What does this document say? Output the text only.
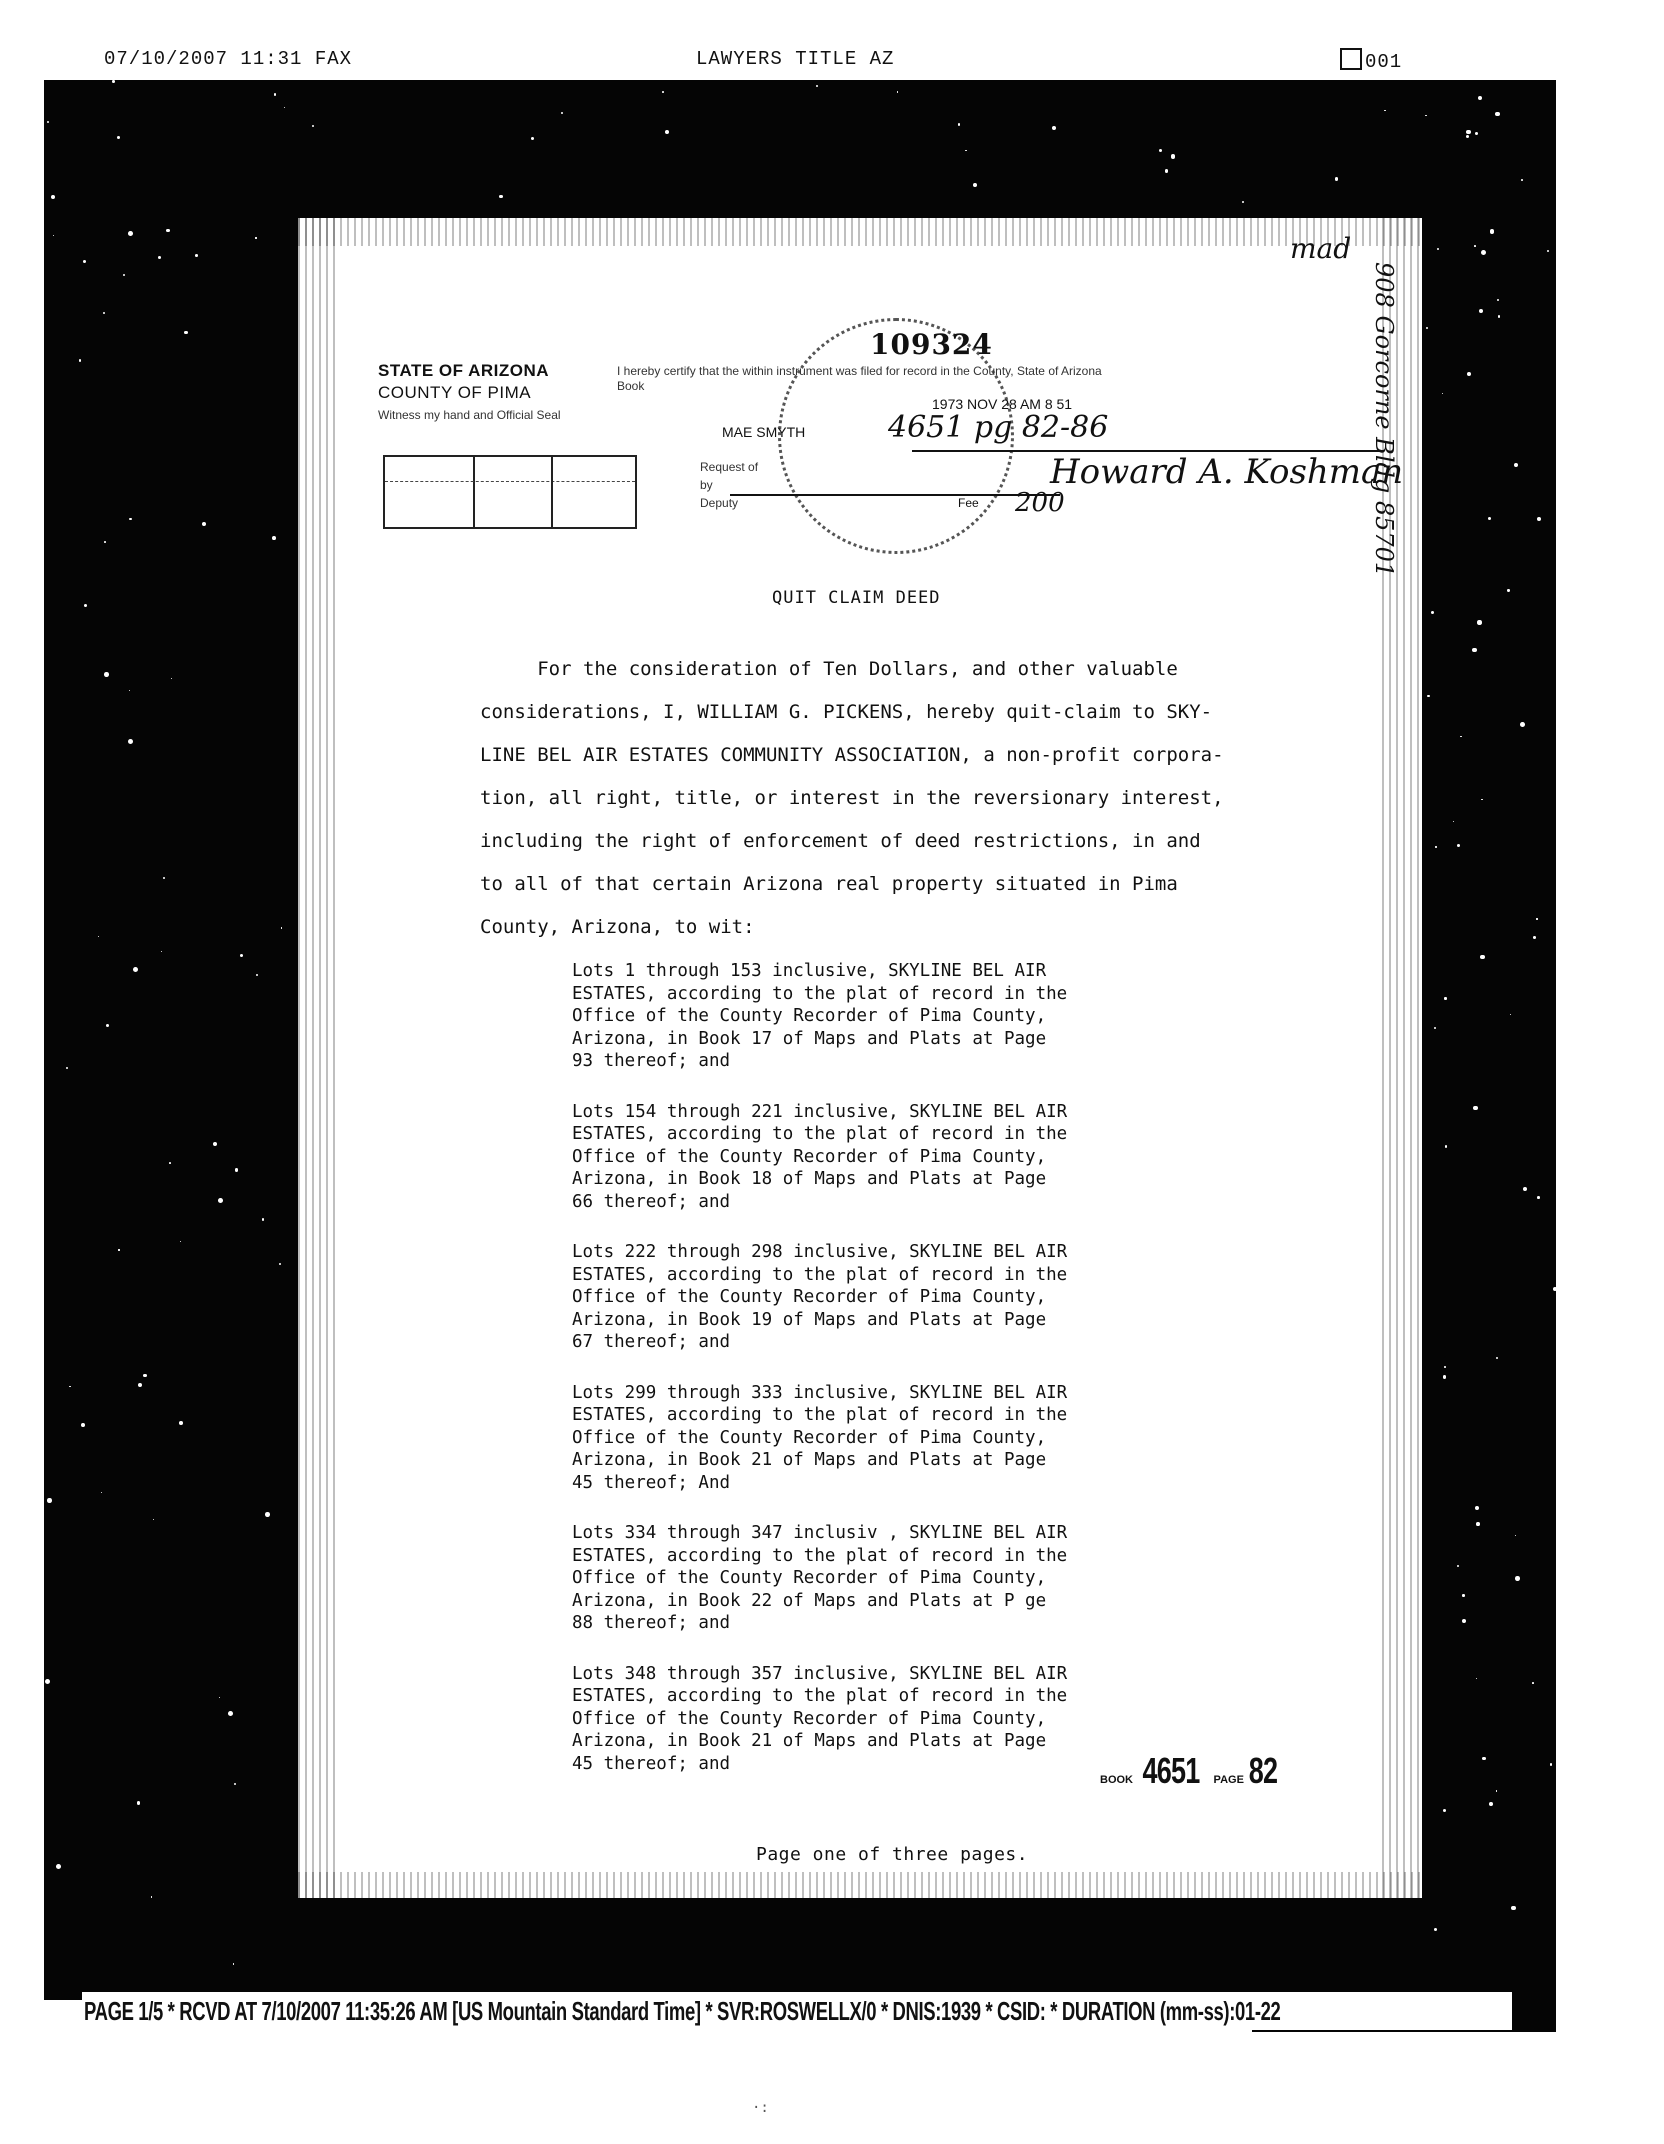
07/10/2007 11:31 FAX	LAWYERS TITLE AZ	001
STATE OF ARIZONA
COUNTY OF PIMA
Witness my hand and Official Seal
109324
I hereby certify that the within instrument was filed for record in the County, State of Arizona Book
1973 NOV 28 AM 8 51
MAE SMYTH	4651 pg 82-86
Request of
by
Deputy	Fee 200
Howard A. Koshman
mad
908 Gorcorne Bldg 85701
QUIT CLAIM DEED
For the consideration of Ten Dollars, and other valuable
considerations, I, WILLIAM G. PICKENS, hereby quit-claim to SKY-
LINE BEL AIR ESTATES COMMUNITY ASSOCIATION, a non-profit corpora-
tion, all right, title, or interest in the reversionary interest,
including the right of enforcement of deed restrictions, in and
to all of that certain Arizona real property situated in Pima
County, Arizona, to wit:
Lots 1 through 153 inclusive, SKYLINE BEL AIR
ESTATES, according to the plat of record in the
Office of the County Recorder of Pima County,
Arizona, in Book 17 of Maps and Plats at Page
93 thereof; and
Lots 154 through 221 inclusive, SKYLINE BEL AIR
ESTATES, according to the plat of record in the
Office of the County Recorder of Pima County,
Arizona, in Book 18 of Maps and Plats at Page
66 thereof; and
Lots 222 through 298 inclusive, SKYLINE BEL AIR
ESTATES, according to the plat of record in the
Office of the County Recorder of Pima County,
Arizona, in Book 19 of Maps and Plats at Page
67 thereof; and
Lots 299 through 333 inclusive, SKYLINE BEL AIR
ESTATES, according to the plat of record in the
Office of the County Recorder of Pima County,
Arizona, in Book 21 of Maps and Plats at Page
45 thereof; And
Lots 334 through 347 inclusiv , SKYLINE BEL AIR
ESTATES, according to the plat of record in the
Office of the County Recorder of Pima County,
Arizona, in Book 22 of Maps and Plats at P ge
88 thereof; and
Lots 348 through 357 inclusive, SKYLINE BEL AIR
ESTATES, according to the plat of record in the
Office of the County Recorder of Pima County,
Arizona, in Book 21 of Maps and Plats at Page
45 thereof; and
BOOK 4651 PAGE 82
Page one of three pages.
PAGE 1/5 * RCVD AT 7/10/2007 11:35:26 AM [US Mountain Standard Time] * SVR:ROSWELLX/0 * DNIS:1939 * CSID: * DURATION (mm-ss):01-22
·:
